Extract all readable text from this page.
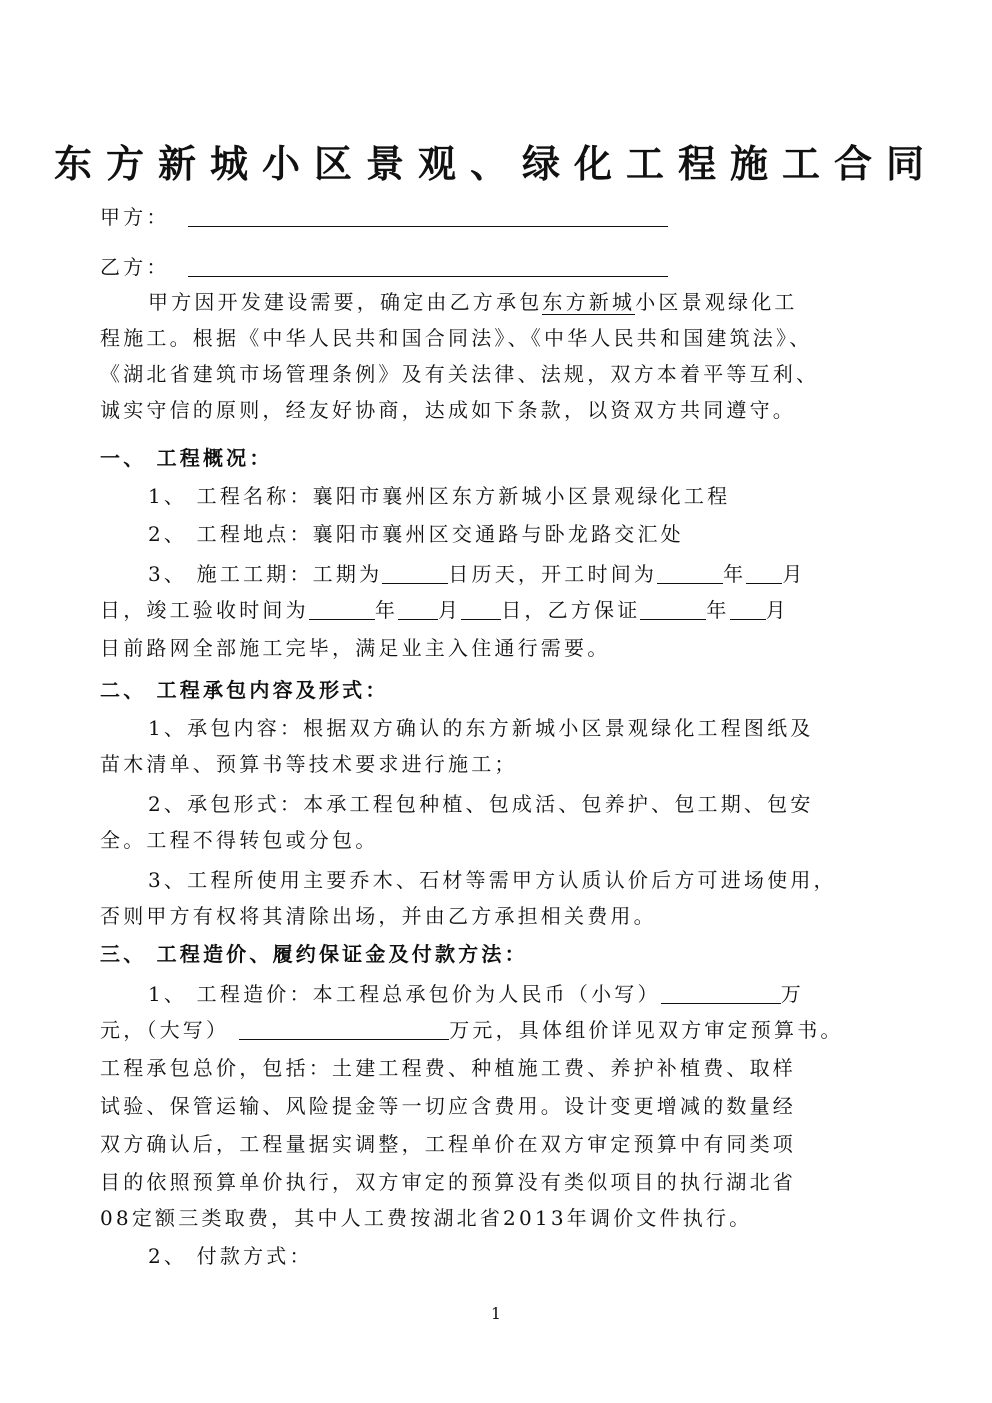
东方新城小区景观、绿化工程施工合同
甲方：
乙方：
甲方因开发建设需要，确定由乙方承包东方新城小区景观绿化工
程施工。根据《中华人民共和国合同法》、《中华人民共和国建筑法》、
《湖北省建筑市场管理条例》及有关法律、法规，双方本着平等互利、
诚实守信的原则，经友好协商，达成如下条款，以资双方共同遵守。
一、 工程概况：
1、 工程名称：襄阳市襄州区东方新城小区景观绿化工程
2、 工程地点：襄阳市襄州区交通路与卧龙路交汇处
3、 施工工期：工期为	日历天，开工时间为	年 月
日，竣工验收时间为	年 月 日，乙方保证	年 月
日前路网全部施工完毕，满足业主入住通行需要。
二、 工程承包内容及形式：
1、承包内容：根据双方确认的东方新城小区景观绿化工程图纸及
苗木清单、预算书等技术要求进行施工；
2、承包形式：本承工程包种植、包成活、包养护、包工期、包安
全。工程不得转包或分包。
3、工程所使用主要乔木、石材等需甲方认质认价后方可进场使用，
否则甲方有权将其清除出场，并由乙方承担相关费用。
三、 工程造价、履约保证金及付款方法：
1、 工程造价：本工程总承包价为人民币（小写）	万
元，（大写）	万元，具体组价详见双方审定预算书。
工程承包总价，包括：土建工程费、种植施工费、养护补植费、取样
试验、保管运输、风险提金等一切应含费用。设计变更增减的数量经
双方确认后，工程量据实调整，工程单价在双方审定预算中有同类项
目的依照预算单价执行，双方审定的预算没有类似项目的执行湖北省
08定额三类取费，其中人工费按湖北省2013年调价文件执行。
2、 付款方式：
1
